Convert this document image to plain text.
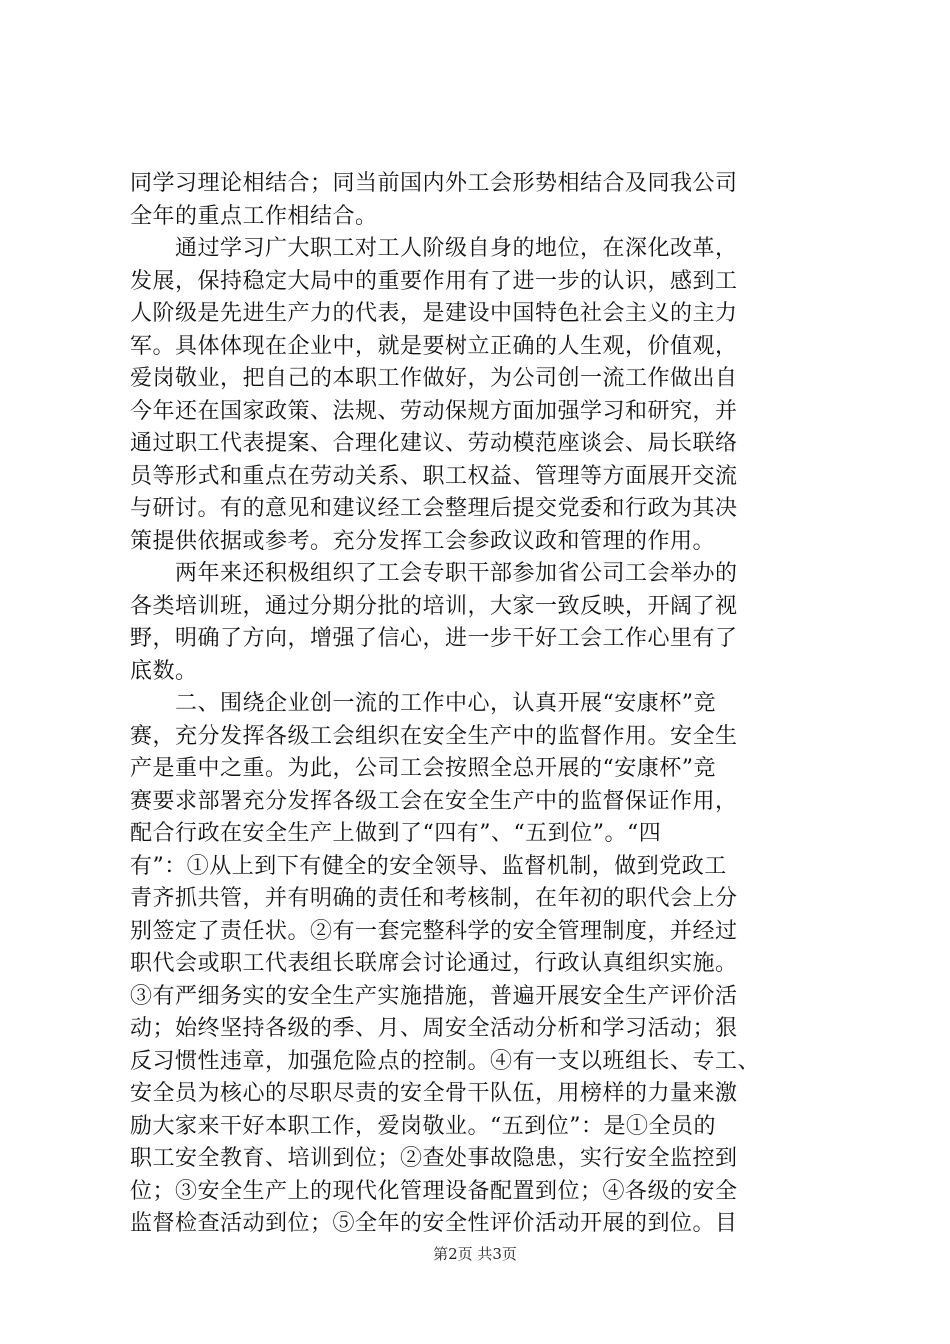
同学习理论相结合；同当前国内外工会形势相结合及同我公司
全年的重点工作相结合。
　　通过学习广大职工对工人阶级自身的地位，在深化改革，
发展，保持稳定大局中的重要作用有了进一步的认识，感到工
人阶级是先进生产力的代表，是建设中国特色社会主义的主力
军。具体体现在企业中，就是要树立正确的人生观，价值观，
爱岗敬业，把自己的本职工作做好，为公司创一流工作做出自
今年还在国家政策、法规、劳动保规方面加强学习和研究，并
通过职工代表提案、合理化建议、劳动模范座谈会、局长联络
员等形式和重点在劳动关系、职工权益、管理等方面展开交流
与研讨。有的意见和建议经工会整理后提交党委和行政为其决
策提供依据或参考。充分发挥工会参政议政和管理的作用。
　　两年来还积极组织了工会专职干部参加省公司工会举办的
各类培训班，通过分期分批的培训，大家一致反映，开阔了视
野，明确了方向，增强了信心，进一步干好工会工作心里有了
底数。
　　二、围绕企业创一流的工作中心，认真开展“安康杯”竞
赛，充分发挥各级工会组织在安全生产中的监督作用。安全生
产是重中之重。为此，公司工会按照全总开展的“安康杯”竞
赛要求部署充分发挥各级工会在安全生产中的监督保证作用，
配合行政在安全生产上做到了“四有”、“五到位”。“四
有”：①从上到下有健全的安全领导、监督机制，做到党政工
青齐抓共管，并有明确的责任和考核制，在年初的职代会上分
别签定了责任状。②有一套完整科学的安全管理制度，并经过
职代会或职工代表组长联席会讨论通过，行政认真组织实施。
③有严细务实的安全生产实施措施，普遍开展安全生产评价活
动；始终坚持各级的季、月、周安全活动分析和学习活动；狠
反习惯性违章，加强危险点的控制。④有一支以班组长、专工、
安全员为核心的尽职尽责的安全骨干队伍，用榜样的力量来激
励大家来干好本职工作，爱岗敬业。“五到位”：是①全员的
职工安全教育、培训到位；②查处事故隐患，实行安全监控到
位；③安全生产上的现代化管理设备配置到位；④各级的安全
监督检查活动到位；⑤全年的安全性评价活动开展的到位。目
第2页 共3页
